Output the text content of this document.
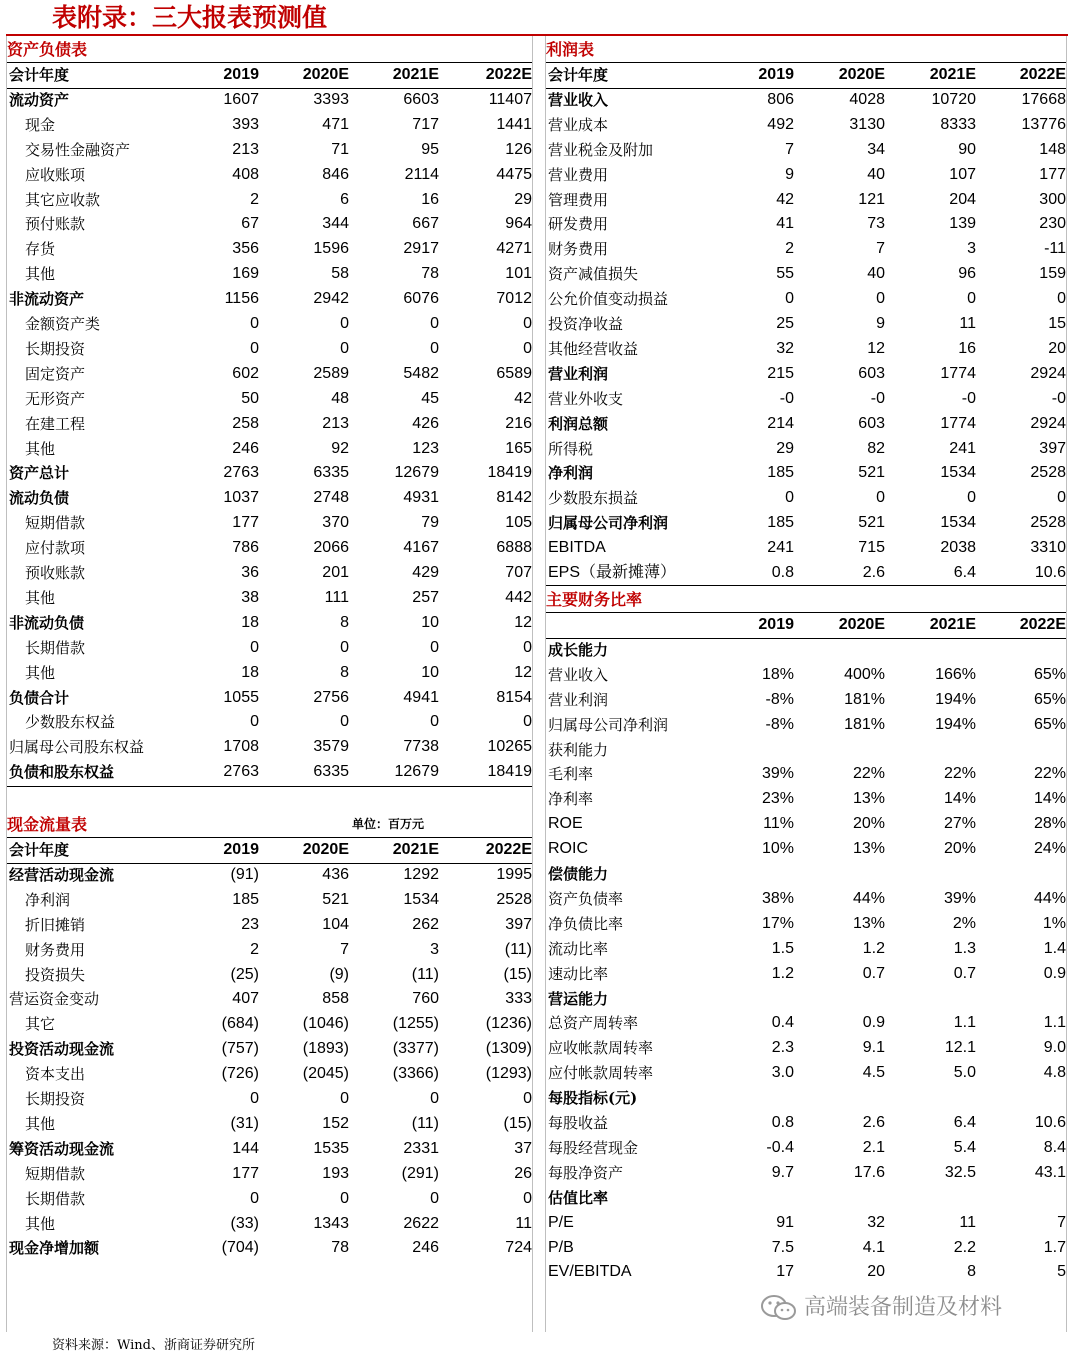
表附录：三大报表预测值
资产负债表
会计年度	2019	2020E	2021E	2022E
流动资产	1607	3393	6603	11407
现金	393	471	717	1441
交易性金融资产	213	71	95	126
应收账项	408	846	2114	4475
其它应收款	2	6	16	29
预付账款	67	344	667	964
存货	356	1596	2917	4271
其他	169	58	78	101
非流动资产	1156	2942	6076	7012
金额资产类	0	0	0	0
长期投资	0	0	0	0
固定资产	602	2589	5482	6589
无形资产	50	48	45	42
在建工程	258	213	426	216
其他	246	92	123	165
资产总计	2763	6335	12679	18419
流动负债	1037	2748	4931	8142
短期借款	177	370	79	105
应付款项	786	2066	4167	6888
预收账款	36	201	429	707
其他	38	111	257	442
非流动负债	18	8	10	12
长期借款	0	0	0	0
其他	18	8	10	12
负债合计	1055	2756	4941	8154
少数股东权益	0	0	0	0
归属母公司股东权益	1708	3579	7738	10265
负债和股东权益	2763	6335	12679	18419
现金流量表	单位：百万元
会计年度	2019	2020E	2021E	2022E
经营活动现金流	(91)	436	1292	1995
净利润	185	521	1534	2528
折旧摊销	23	104	262	397
财务费用	2	7	3	(11)
投资损失	(25)	(9)	(11)	(15)
营运资金变动	407	858	760	333
其它	(684)	(1046)	(1255)	(1236)
投资活动现金流	(757)	(1893)	(3377)	(1309)
资本支出	(726)	(2045)	(3366)	(1293)
长期投资	0	0	0	0
其他	(31)	152	(11)	(15)
筹资活动现金流	144	1535	2331	37
短期借款	177	193	(291)	26
长期借款	0	0	0	0
其他	(33)	1343	2622	11
现金净增加额	(704)	78	246	724
利润表
会计年度	2019	2020E	2021E	2022E
营业收入	806	4028	10720	17668
营业成本	492	3130	8333	13776
营业税金及附加	7	34	90	148
营业费用	9	40	107	177
管理费用	42	121	204	300
研发费用	41	73	139	230
财务费用	2	7	3	-11
资产减值损失	55	40	96	159
公允价值变动损益	0	0	0	0
投资净收益	25	9	11	15
其他经营收益	32	12	16	20
营业利润	215	603	1774	2924
营业外收支	-0	-0	-0	-0
利润总额	214	603	1774	2924
所得税	29	82	241	397
净利润	185	521	1534	2528
少数股东损益	0	0	0	0
归属母公司净利润	185	521	1534	2528
EBITDA	241	715	2038	3310
EPS（最新摊薄）	0.8	2.6	6.4	10.6
主要财务比率
2019	2020E	2021E	2022E
成长能力
营业收入	18%	400%	166%	65%
营业利润	-8%	181%	194%	65%
归属母公司净利润	-8%	181%	194%	65%
获利能力
毛利率	39%	22%	22%	22%
净利率	23%	13%	14%	14%
ROE	11%	20%	27%	28%
ROIC	10%	13%	20%	24%
偿债能力
资产负债率	38%	44%	39%	44%
净负债比率	17%	13%	2%	1%
流动比率	1.5	1.2	1.3	1.4
速动比率	1.2	0.7	0.7	0.9
营运能力
总资产周转率	0.4	0.9	1.1	1.1
应收帐款周转率	2.3	9.1	12.1	9.0
应付帐款周转率	3.0	4.5	5.0	4.8
每股指标(元)
每股收益	0.8	2.6	6.4	10.6
每股经营现金	-0.4	2.1	5.4	8.4
每股净资产	9.7	17.6	32.5	43.1
估值比率
P/E	91	32	11	7
P/B	7.5	4.1	2.2	1.7
EV/EBITDA	17	20	8	5
高端装备制造及材料
资料来源：Wind、浙商证券研究所
